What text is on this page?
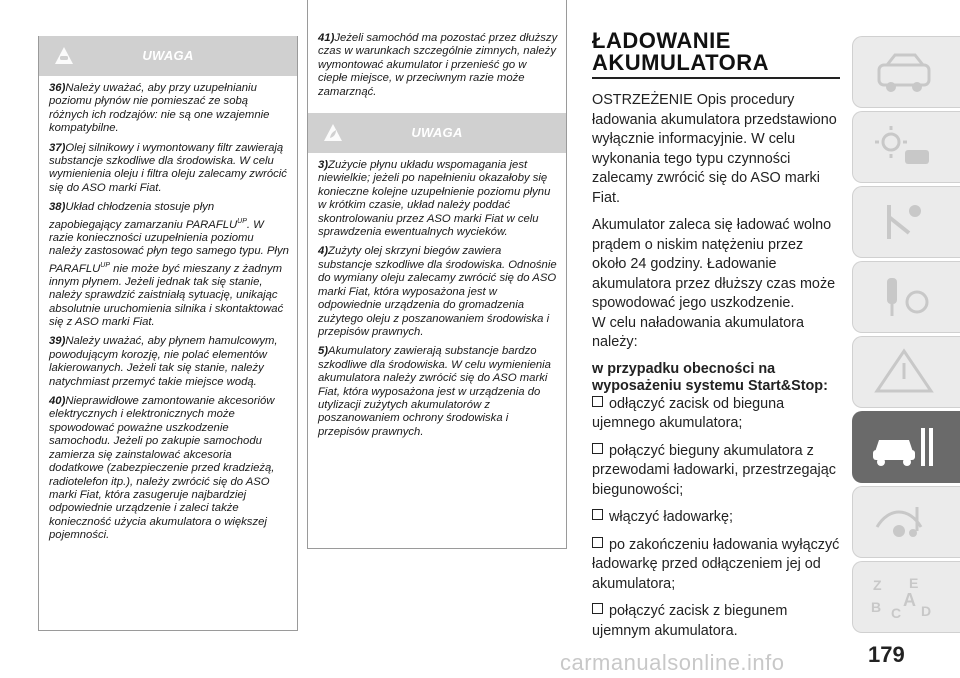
UWAGA

36)Należy uważać, aby przy uzupełnianiu poziomu płynów nie pomieszać ze sobą różnych ich rodzajów: nie są one wzajemnie kompatybilne.

37)Olej silnikowy i wymontowany filtr zawierają substancje szkodliwe dla środowiska. W celu wymienienia oleju i filtra oleju zalecamy zwrócić się do ASO marki Fiat.

38)Układ chłodzenia stosuje płyn zapobiegający zamarzaniu $PARAFLU^{UP}$. W razie konieczności uzupełnienia poziomu należy zastosować płyn tego samego typu. Płyn $PARAFLU^{UP}$ nie może być mieszany z żadnym innym płynem. Jeżeli jednak tak się stanie, należy sprawdzić zaistniałą sytuację, unikając absolutnie uruchomienia silnika i skontaktować się z ASO marki Fiat.

39)Należy uważać, aby płynem hamulcowym, powodującym korozję, nie polać elementów lakierowanych. Jeżeli tak się stanie, należy natychmiast przemyć takie miejsce wodą.

40)Nieprawidłowe zamontowanie akcesoriów elektrycznych i elektronicznych może spowodować poważne uszkodzenie samochodu. Jeżeli po zakupie samochodu zamierza się zainstalować akcesoria dodatkowe (zabezpieczenie przed kradzieżą, radiotelefon itp.), należy zwrócić się do ASO marki Fiat, która zasugeruje najbardziej odpowiednie urządzenie i zaleci także konieczność użycia akumulatora o większej pojemności.

41)Jeżeli samochód ma pozostać przez dłuższy czas w warunkach szczególnie zimnych, należy wymontować akumulator i przenieść go w ciepłe miejsce, w przeciwnym razie może zamarznąć.

UWAGA

3)Zużycie płynu układu wspomagania jest niewielkie; jeżeli po napełnieniu okazałoby się konieczne kolejne uzupełnienie poziomu płynu w krótkim czasie, układ należy poddać skontrolowaniu przez ASO marki Fiat w celu sprawdzenia ewentualnych wycieków.

4)Zużyty olej skrzyni biegów zawiera substancje szkodliwe dla środowiska. Odnośnie do wymiany oleju zalecamy zwrócić się do ASO marki Fiat, która wyposażona jest w odpowiednie urządzenia do gromadzenia zużytego oleju z poszanowaniem środowiska i przepisów prawnych.

5)Akumulatory zawierają substancje bardzo szkodliwe dla środowiska. W celu wymienienia akumulatora należy zwrócić się do ASO marki Fiat, która wyposażona jest w urządzenia do utylizacji zużytych akumulatorów z poszanowaniem ochrony środowiska i przepisów prawnych.

ŁADOWANIE
AKUMULATORA

OSTRZEŻENIE Opis procedury ładowania akumulatora przedstawiono wyłącznie informacyjnie. W celu wykonania tego typu czynności zalecamy zwrócić się do ASO marki Fiat.

Akumulator zaleca się ładować wolno prądem o niskim natężeniu przez około 24 godziny. Ładowanie akumulatora przez dłuższy czas może spowodować jego uszkodzenie.

W celu naładowania akumulatora należy:

w przypadku obecności na wyposażeniu systemu Start&Stop:

odłączyć zacisk od bieguna ujemnego akumulatora;

połączyć bieguny akumulatora z przewodami ładowarki, przestrzegając biegunowości;

włączyć ładowarkę;

po zakończeniu ładowania wyłączyć ładowarkę przed odłączeniem jej od akumulatora;

połączyć zacisk z biegunem ujemnym akumulatora.

Z E
B C
A
D
179
carmanualsonline.info
